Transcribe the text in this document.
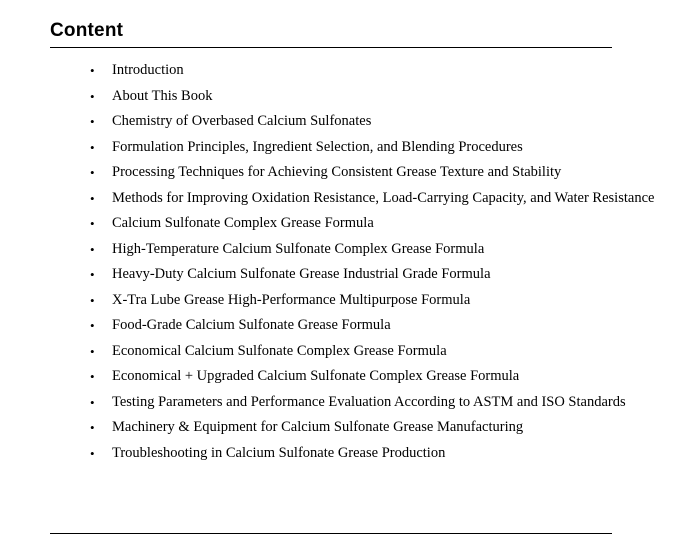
Content
• Introduction
• About This Book
• Chemistry of Overbased Calcium Sulfonates
• Formulation Principles, Ingredient Selection, and Blending Procedures
• Processing Techniques for Achieving Consistent Grease Texture and Stability
• Methods for Improving Oxidation Resistance, Load-Carrying Capacity, and Water Resistance
• Calcium Sulfonate Complex Grease Formula
• High-Temperature Calcium Sulfonate Complex Grease Formula
• Heavy-Duty Calcium Sulfonate Grease Industrial Grade Formula
• X-Tra Lube Grease High-Performance Multipurpose Formula
• Food-Grade Calcium Sulfonate Grease Formula
• Economical Calcium Sulfonate Complex Grease Formula
• Economical + Upgraded Calcium Sulfonate Complex Grease Formula
• Testing Parameters and Performance Evaluation According to ASTM and ISO Standards
• Machinery & Equipment for Calcium Sulfonate Grease Manufacturing
• Troubleshooting in Calcium Sulfonate Grease Production
